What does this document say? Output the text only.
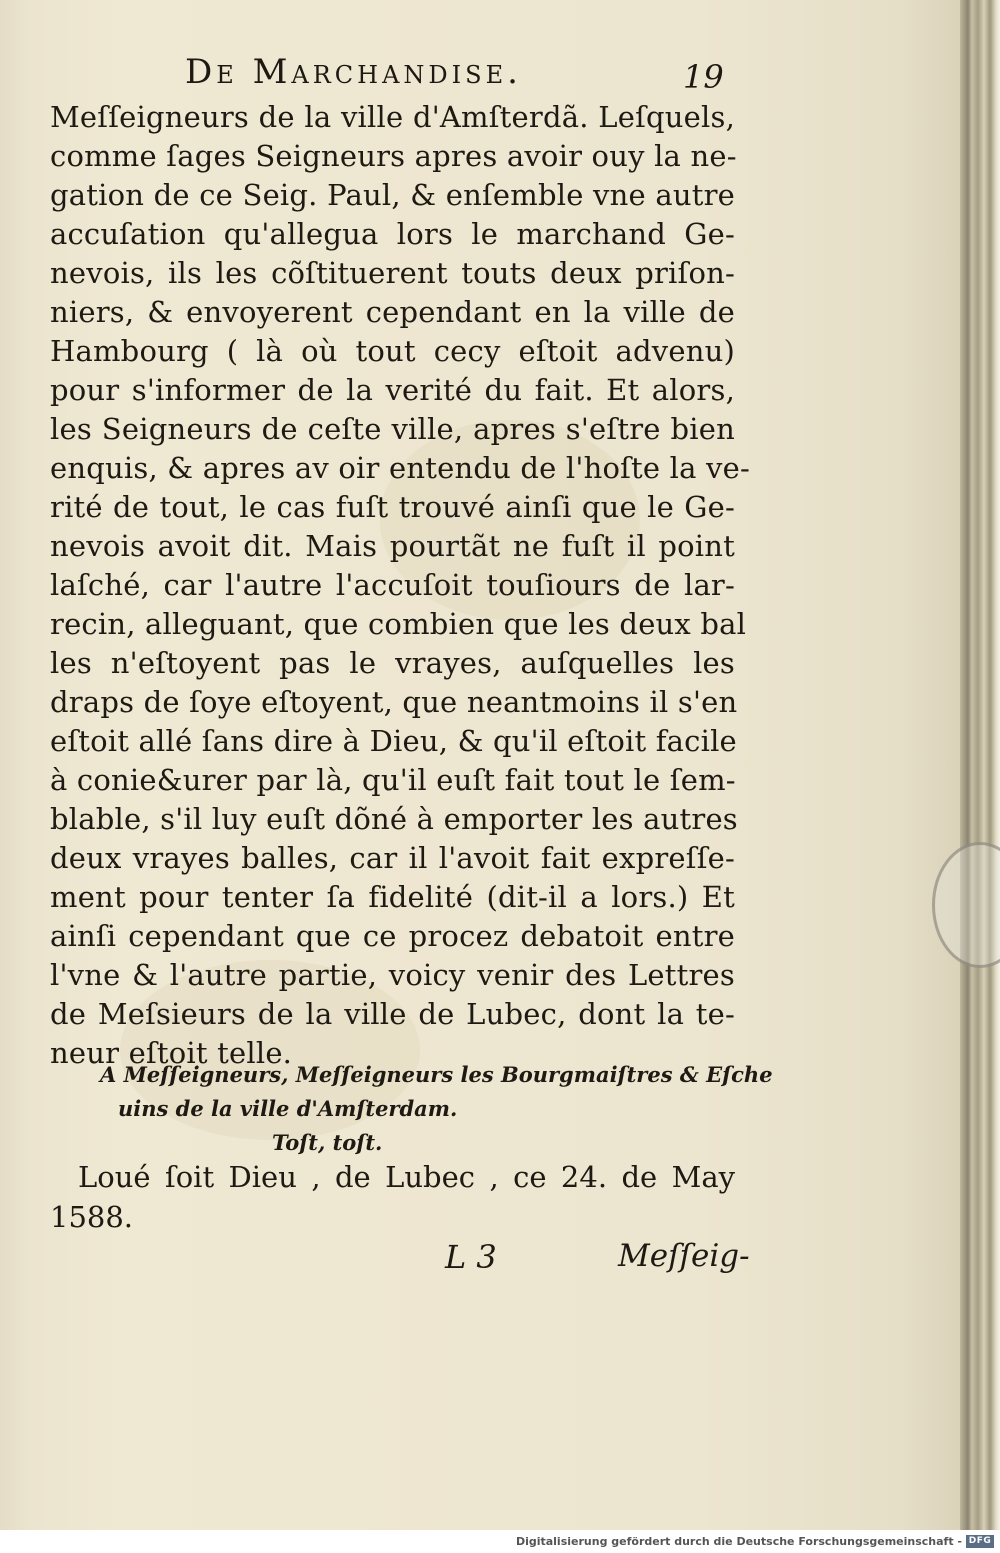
De Marchandise.	19
Meſſeigneurs de la ville d'Amſterdã. Leſquels,
comme ſages Seigneurs apres avoir ouy la ne-
gation de ce Seig. Paul, & enſemble vne autre
accuſation qu'allegua lors le marchand Ge-
nevois, ils les cõſtituerent touts deux priſon-
niers, & envoyerent cependant en la ville de
Hambourg ( là où tout cecy eſtoit advenu)
pour s'informer de la verité du fait. Et alors,
les Seigneurs de ceſte ville, apres s'eſtre bien
enquis, & apres av oir entendu de l'hoſte la ve-
rité de tout, le cas fuſt trouvé ainſi que le Ge-
nevois avoit dit. Mais pourtãt ne fuſt il point
laſché, car l'autre l'accuſoit touſiours de lar-
recin, alleguant, que combien que les deux bal
les n'eſtoyent pas le vrayes, auſquelles les
draps de ſoye eſtoyent, que neantmoins il s'en
eſtoit allé ſans dire à Dieu, & qu'il eſtoit facile
à conie&urer par là, qu'il euſt fait tout le ſem-
blable, s'il luy euſt dõné à emporter les autres
deux vrayes balles, car il l'avoit fait expreſſe-
ment pour tenter ſa fidelité (dit-il a lors.) Et
ainſi cependant que ce procez debatoit entre
l'vne & l'autre partie, voicy venir des Lettres
de Meſsieurs de la ville de Lubec, dont la te-
neur eſtoit telle.
A Meſſeigneurs, Meſſeigneurs les Bourgmaiſtres & Eſche
uins de la ville d'Amſterdam.
Toſt, toſt.
Loué ſoit Dieu , de Lubec , ce 24. de May
1588.
L 3	Meſſeig-
Digitalisierung gefördert durch die Deutsche Forschungsgemeinschaft - DFG
